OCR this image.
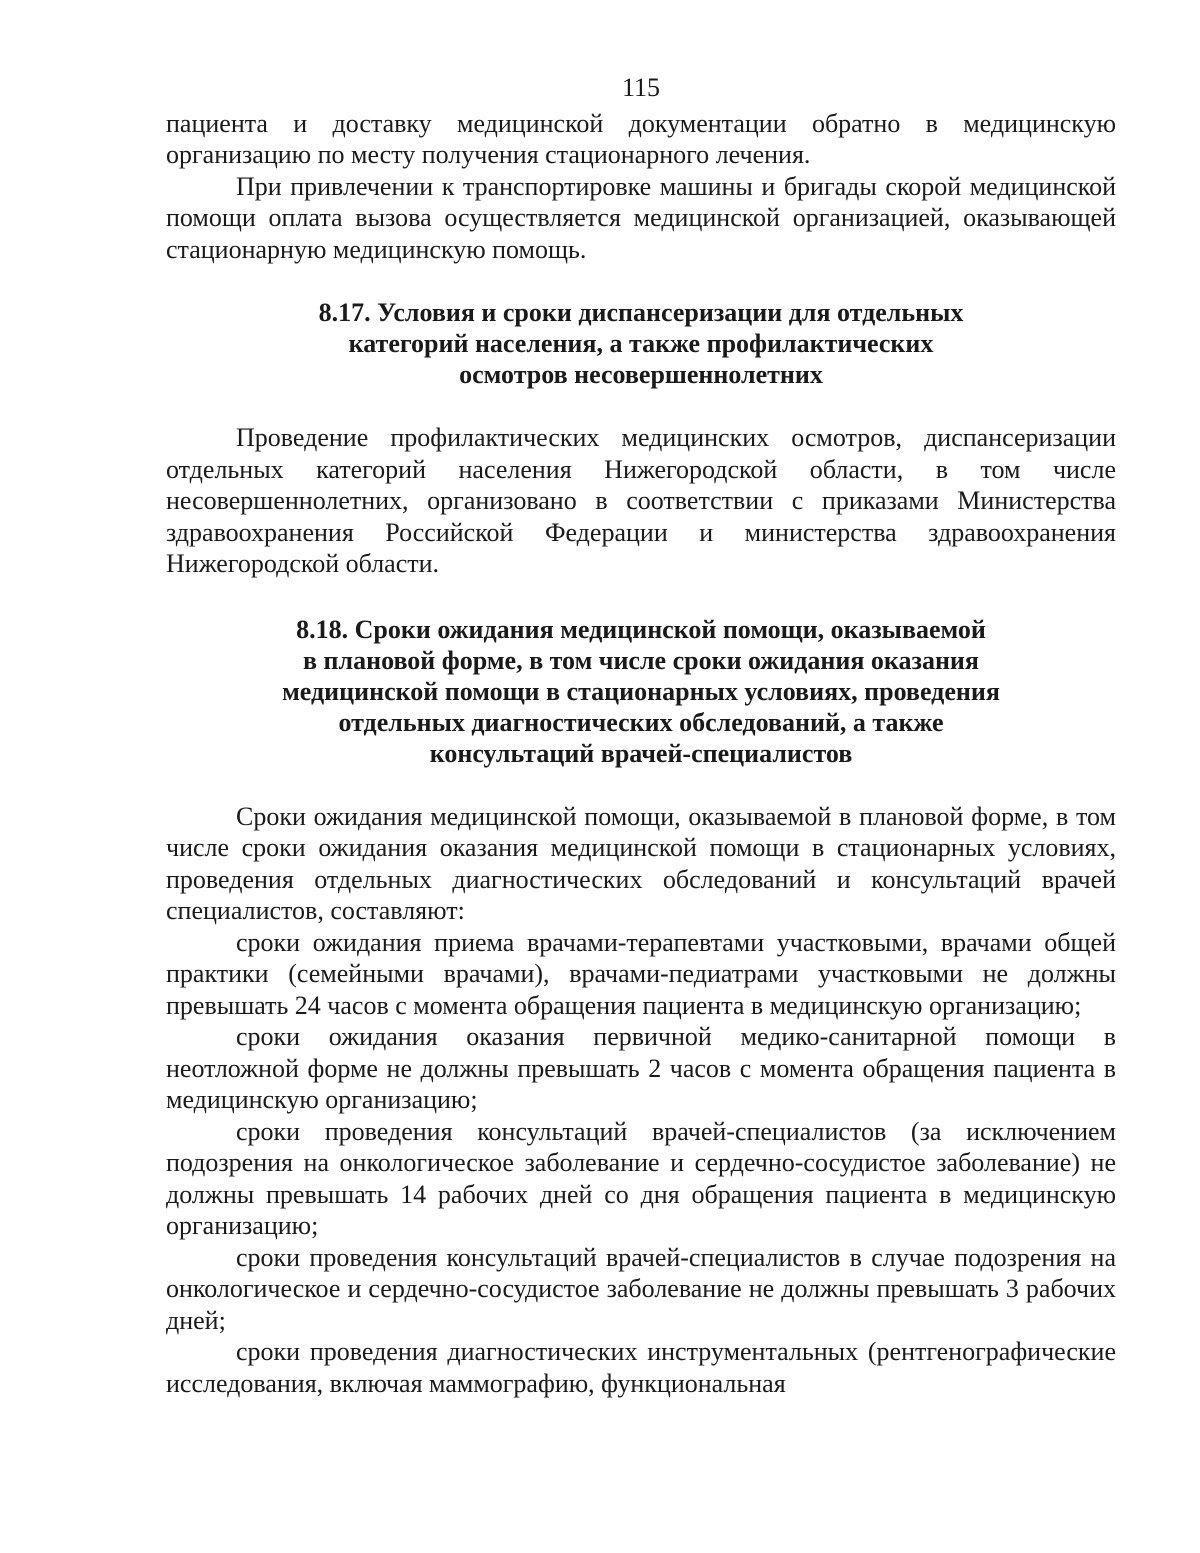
115

пациента и доставку медицинской документации обратно в медицинскую организацию по месту получения стационарного лечения.

При привлечении к транспортировке машины и бригады скорой медицинской помощи оплата вызова осуществляется медицинской организацией, оказывающей стационарную медицинскую помощь.

8.17. Условия и сроки диспансеризации для отдельных
категорий населения, а также профилактических
осмотров несовершеннолетних

Проведение профилактических медицинских осмотров, диспансеризации отдельных категорий населения Нижегородской области, в том числе несовершеннолетних, организовано в соответствии с приказами Министерства здравоохранения Российской Федерации и министерства здравоохранения Нижегородской области.

8.18. Сроки ожидания медицинской помощи, оказываемой
в плановой форме, в том числе сроки ожидания оказания
медицинской помощи в стационарных условиях, проведения
отдельных диагностических обследований, а также
консультаций врачей-специалистов

Сроки ожидания медицинской помощи, оказываемой в плановой форме, в том числе сроки ожидания оказания медицинской помощи в стационарных условиях, проведения отдельных диагностических обследований и консультаций врачей специалистов, составляют:

сроки ожидания приема врачами-терапевтами участковыми, врачами общей практики (семейными врачами), врачами-педиатрами участковыми не должны превышать 24 часов с момента обращения пациента в медицинскую организацию;

сроки ожидания оказания первичной медико-санитарной помощи в неотложной форме не должны превышать 2 часов с момента обращения пациента в медицинскую организацию;

сроки проведения консультаций врачей-специалистов (за исключением подозрения на онкологическое заболевание и сердечно-сосудистое заболевание) не должны превышать 14 рабочих дней со дня обращения пациента в медицинскую организацию;

сроки проведения консультаций врачей-специалистов в случае подозрения на онкологическое и сердечно-сосудистое заболевание не должны превышать 3 рабочих дней;

сроки проведения диагностических инструментальных (рентгенографические исследования, включая маммографию, функциональная
